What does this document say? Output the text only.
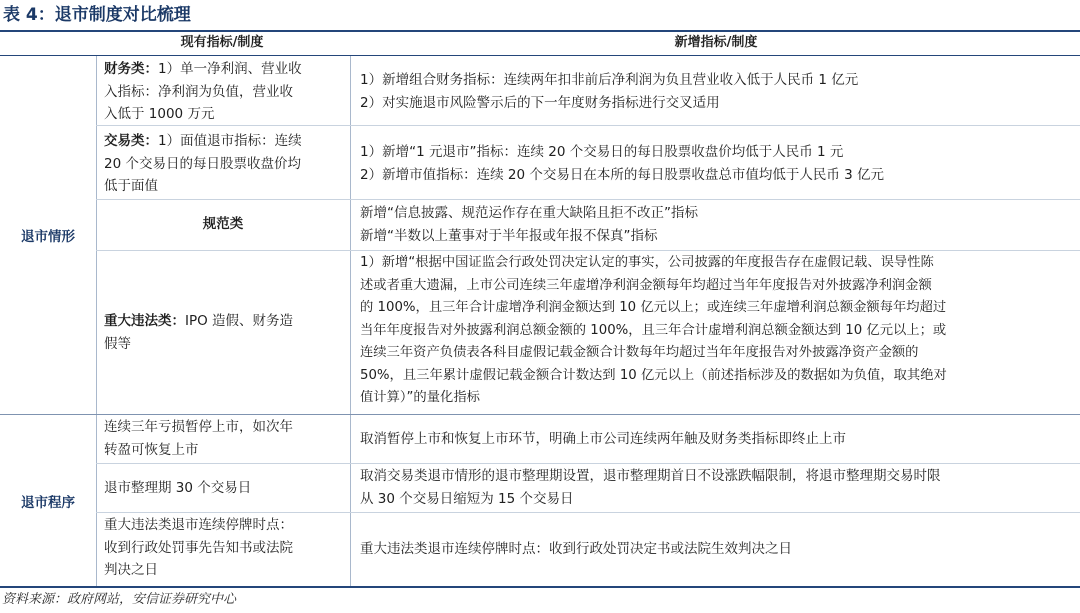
表 4：退市制度对比梳理
现有指标/制度	新增指标/制度
退市情形
退市程序
财务类：1）单一净利润、营业收
入指标：净利润为负值，营业收
入低于 1000 万元
1）新增组合财务指标：连续两年扣非前后净利润为负且营业收入低于人民币 1 亿元
2）对实施退市风险警示后的下一年度财务指标进行交叉适用
交易类：1）面值退市指标：连续
20 个交易日的每日股票收盘价均
低于面值
1）新增“1 元退市”指标：连续 20 个交易日的每日股票收盘价均低于人民币 1 元
2）新增市值指标：连续 20 个交易日在本所的每日股票收盘总市值均低于人民币 3 亿元
规范类
新增“信息披露、规范运作存在重大缺陷且拒不改正”指标
新增“半数以上董事对于半年报或年报不保真”指标
重大违法类：IPO 造假、财务造
假等
1）新增“根据中国证监会行政处罚决定认定的事实，公司披露的年度报告存在虚假记载、误导性陈
述或者重大遗漏，上市公司连续三年虚增净利润金额每年均超过当年年度报告对外披露净利润金额
的 100%，且三年合计虚增净利润金额达到 10 亿元以上；或连续三年虚增利润总额金额每年均超过
当年年度报告对外披露利润总额金额的 100%，且三年合计虚增利润总额金额达到 10 亿元以上；或
连续三年资产负债表各科目虚假记载金额合计数每年均超过当年年度报告对外披露净资产金额的
50%，且三年累计虚假记载金额合计数达到 10 亿元以上（前述指标涉及的数据如为负值，取其绝对
值计算）”的量化指标
连续三年亏损暂停上市，如次年
转盈可恢复上市
取消暂停上市和恢复上市环节，明确上市公司连续两年触及财务类指标即终止上市
退市整理期 30 个交易日
取消交易类退市情形的退市整理期设置，退市整理期首日不设涨跌幅限制，将退市整理期交易时限
从 30 个交易日缩短为 15 个交易日
重大违法类退市连续停牌时点：
收到行政处罚事先告知书或法院
判决之日
重大违法类退市连续停牌时点：收到行政处罚决定书或法院生效判决之日
资料来源：政府网站，安信证券研究中心
